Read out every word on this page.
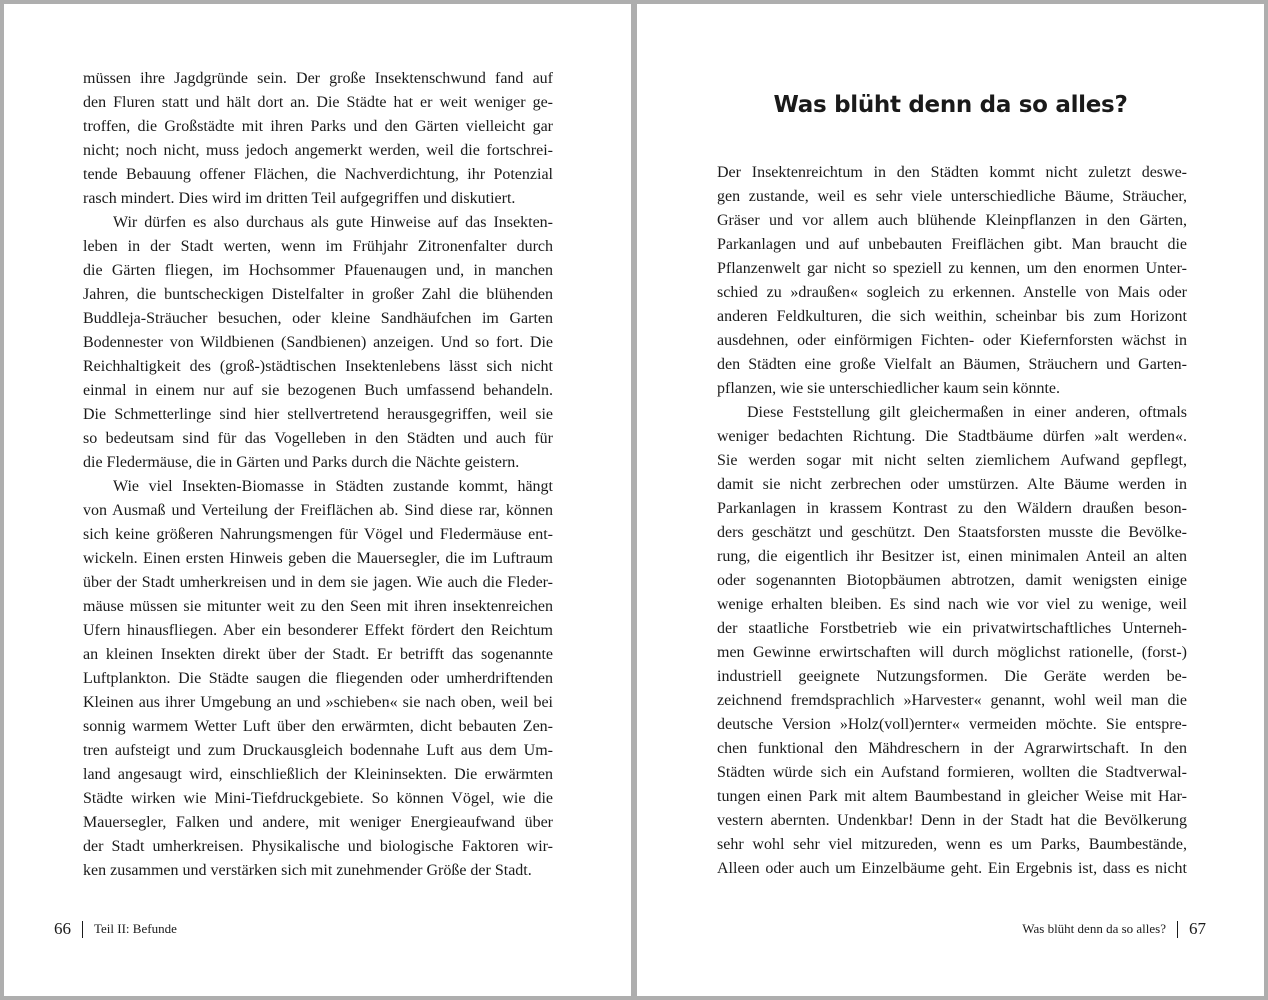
müssen ihre Jagdgründe sein. Der große Insektenschwund fand auf
den Fluren statt und hält dort an. Die Städte hat er weit weniger ge-
troffen, die Großstädte mit ihren Parks und den Gärten vielleicht gar
nicht; noch nicht, muss jedoch angemerkt werden, weil die fortschrei-
tende Bebauung offener Flächen, die Nachverdichtung, ihr Potenzial
rasch mindert. Dies wird im dritten Teil aufgegriffen und diskutiert.
Wir dürfen es also durchaus als gute Hinweise auf das Insekten-
leben in der Stadt werten, wenn im Frühjahr Zitronenfalter durch
die Gärten fliegen, im Hochsommer Pfauenaugen und, in manchen
Jahren, die buntscheckigen Distelfalter in großer Zahl die blühenden
Buddleja-Sträucher besuchen, oder kleine Sandhäufchen im Garten
Bodennester von Wildbienen (Sandbienen) anzeigen. Und so fort. Die
Reichhaltigkeit des (groß-)städtischen Insektenlebens lässt sich nicht
einmal in einem nur auf sie bezogenen Buch umfassend behandeln.
Die Schmetterlinge sind hier stellvertretend herausgegriffen, weil sie
so bedeutsam sind für das Vogelleben in den Städten und auch für
die Fledermäuse, die in Gärten und Parks durch die Nächte geistern.
Wie viel Insekten-Biomasse in Städten zustande kommt, hängt
von Ausmaß und Verteilung der Freiflächen ab. Sind diese rar, können
sich keine größeren Nahrungsmengen für Vögel und Fledermäuse ent-
wickeln. Einen ersten Hinweis geben die Mauersegler, die im Luftraum
über der Stadt umherkreisen und in dem sie jagen. Wie auch die Fleder-
mäuse müssen sie mitunter weit zu den Seen mit ihren insektenreichen
Ufern hinausfliegen. Aber ein besonderer Effekt fördert den Reichtum
an kleinen Insekten direkt über der Stadt. Er betrifft das sogenannte
Luftplankton. Die Städte saugen die fliegenden oder umherdriftenden
Kleinen aus ihrer Umgebung an und »schieben« sie nach oben, weil bei
sonnig warmem Wetter Luft über den erwärmten, dicht bebauten Zen-
tren aufsteigt und zum Druckausgleich bodennahe Luft aus dem Um-
land angesaugt wird, einschließlich der Kleininsekten. Die erwärmten
Städte wirken wie Mini-Tiefdruckgebiete. So können Vögel, wie die
Mauersegler, Falken und andere, mit weniger Energieaufwand über
der Stadt umherkreisen. Physikalische und biologische Faktoren wir-
ken zusammen und verstärken sich mit zunehmender Größe der Stadt.
66 Teil II: Befunde
Was blüht denn da so alles?
Der Insektenreichtum in den Städten kommt nicht zuletzt deswe-
gen zustande, weil es sehr viele unterschiedliche Bäume, Sträucher,
Gräser und vor allem auch blühende Kleinpflanzen in den Gärten,
Parkanlagen und auf unbebauten Freiflächen gibt. Man braucht die
Pflanzenwelt gar nicht so speziell zu kennen, um den enormen Unter-
schied zu »draußen« sogleich zu erkennen. Anstelle von Mais oder
anderen Feldkulturen, die sich weithin, scheinbar bis zum Horizont
ausdehnen, oder einförmigen Fichten- oder Kiefernforsten wächst in
den Städten eine große Vielfalt an Bäumen, Sträuchern und Garten-
pflanzen, wie sie unterschiedlicher kaum sein könnte.
Diese Feststellung gilt gleichermaßen in einer anderen, oftmals
weniger bedachten Richtung. Die Stadtbäume dürfen »alt werden«.
Sie werden sogar mit nicht selten ziemlichem Aufwand gepflegt,
damit sie nicht zerbrechen oder umstürzen. Alte Bäume werden in
Parkanlagen in krassem Kontrast zu den Wäldern draußen beson-
ders geschätzt und geschützt. Den Staatsforsten musste die Bevölke-
rung, die eigentlich ihr Besitzer ist, einen minimalen Anteil an alten
oder sogenannten Biotopbäumen abtrotzen, damit wenigsten einige
wenige erhalten bleiben. Es sind nach wie vor viel zu wenige, weil
der staatliche Forstbetrieb wie ein privatwirtschaftliches Unterneh-
men Gewinne erwirtschaften will durch möglichst rationelle, (forst-)
industriell geeignete Nutzungsformen. Die Geräte werden be-
zeichnend fremdsprachlich »Harvester« genannt, wohl weil man die
deutsche Version »Holz(voll)ernter« vermeiden möchte. Sie entspre-
chen funktional den Mähdreschern in der Agrarwirtschaft. In den
Städten würde sich ein Aufstand formieren, wollten die Stadtverwal-
tungen einen Park mit altem Baumbestand in gleicher Weise mit Har-
vestern abernten. Undenkbar! Denn in der Stadt hat die Bevölkerung
sehr wohl sehr viel mitzureden, wenn es um Parks, Baumbestände,
Alleen oder auch um Einzelbäume geht. Ein Ergebnis ist, dass es nicht
Was blüht denn da so alles? 67
